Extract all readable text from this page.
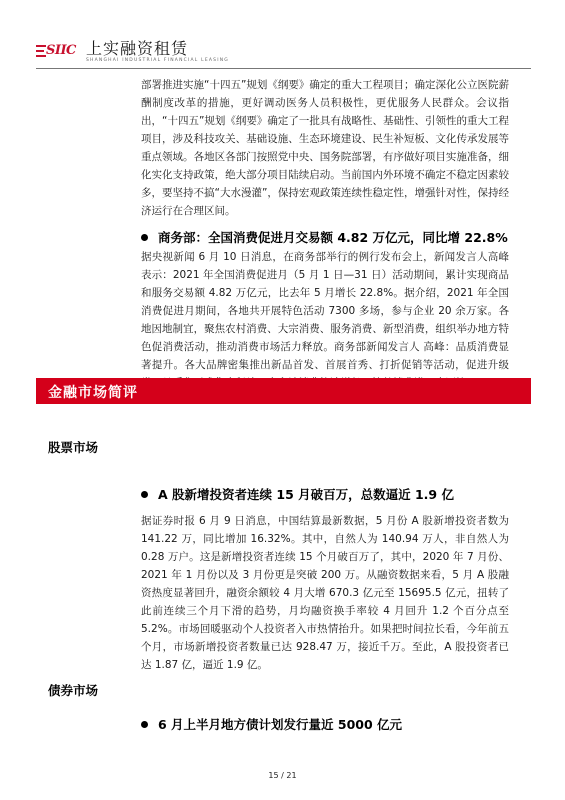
SIIC 上实融资租赁
SHANGHAI INDUSTRIAL FINANCIAL LEASING

部署推进实施“十四五”规划《纲要》确定的重大工程项目；确定深化公立医院薪酬制度改革的措施，更好调动医务人员积极性，更优服务人民群众。会议指出，“十四五”规划《纲要》确定了一批具有战略性、基础性、引领性的重大工程项目，涉及科技攻关、基础设施、生态环境建设、民生补短板、文化传承发展等重点领域。各地区各部门按照党中央、国务院部署，有序做好项目实施准备，细化实化支持政策，绝大部分项目陆续启动。当前国内外环境不确定不稳定因素较多，要坚持不搞“大水漫灌”，保持宏观政策连续性稳定性，增强针对性，保持经济运行在合理区间。

商务部：全国消费促进月交易额 4.82 万亿元，同比增 22.8%

据央视新闻 6 月 10 日消息，在商务部举行的例行发布会上，新闻发言人高峰表示：2021 年全国消费促进月（5 月 1 日—31 日）活动期间，累计实现商品和服务交易额 4.82 万亿元，比去年 5 月增长 22.8%。据介绍，2021 年全国消费促进月期间，各地共开展特色活动 7300 多场，参与企业 20 余万家。各地因地制宜，聚焦农村消费、大宗消费、服务消费、新型消费，组织举办地方特色促消费活动，推动消费市场活力释放。商务部新闻发言人 高峰：品质消费显著提升。各大品牌密集推出新品首发、首展首秀、打折促销等活动，促进升级

金融市场简评
股票市场
A 股新增投资者连续 15 月破百万，总数逼近 1.9 亿

据证券时报 6 月 9 日消息，中国结算最新数据，5 月份 A 股新增投资者数为 141.22 万，同比增加 16.32%。其中，自然人为 140.94 万人，非自然人为 0.28 万户。这是新增投资者连续 15 个月破百万了，其中，2020 年 7 月份、2021 年 1 月份以及 3 月份更是突破 200 万。从融资数据来看，5 月 A 股融资热度显著回升，融资余额较 4 月大增 670.3 亿元至 15695.5 亿元，扭转了此前连续三个月下滑的趋势，月均融资换手率较 4 月回升 1.2 个百分点至 5.2%。市场回暖驱动个人投资者入市热情抬升。如果把时间拉长看，今年前五个月，市场新增投资者数量已达 928.47 万，接近千万。至此，A 股投资者已达 1.87 亿，逼近 1.9 亿。

债券市场
6 月上半月地方债计划发行量近 5000 亿元
15 / 21
